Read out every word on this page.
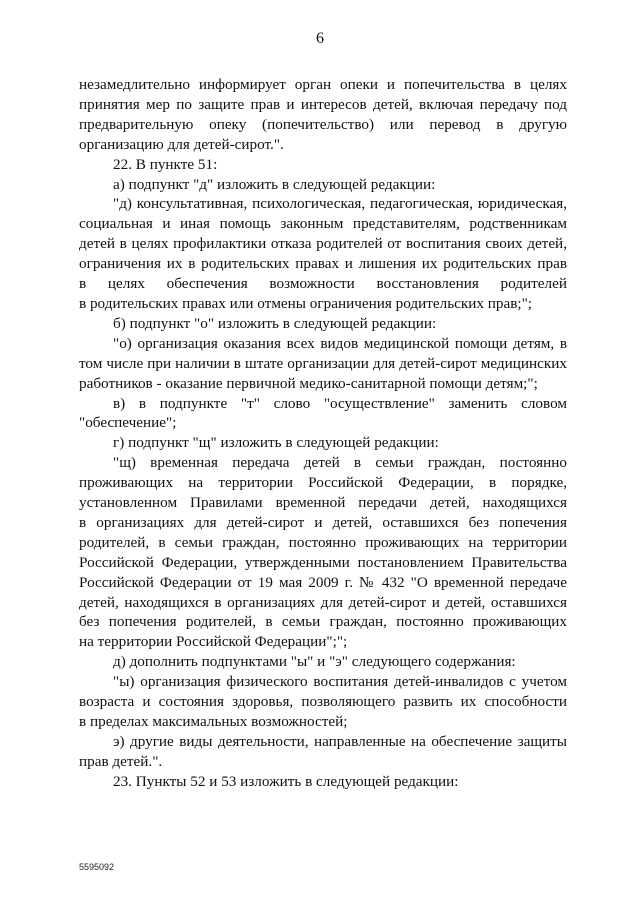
6

незамедлительно информирует орган опеки и попечительства в целях

принятия мер по защите прав и интересов детей, включая передачу под

предварительную опеку (попечительство) или перевод в другую

организацию для детей-сирот.".

22. В пункте 51:

а) подпункт "д" изложить в следующей редакции:

"д) консультативная, психологическая, педагогическая, юридическая,

социальная и иная помощь законным представителям, родственникам

детей в целях профилактики отказа родителей от воспитания своих детей,

ограничения их в родительских правах и лишения их родительских прав

в целях обеспечения возможности восстановления родителей

в родительских правах или отмены ограничения родительских прав;";

б) подпункт "о" изложить в следующей редакции:

"о) организация оказания всех видов медицинской помощи детям, в

том числе при наличии в штате организации для детей-сирот медицинских

работников - оказание первичной медико-санитарной помощи детям;";

в) в подпункте "т" слово "осуществление" заменить словом

"обеспечение";

г) подпункт "щ" изложить в следующей редакции:

"щ) временная передача детей в семьи граждан, постоянно

проживающих на территории Российской Федерации, в порядке,

установленном Правилами временной передачи детей, находящихся

в организациях для детей-сирот и детей, оставшихся без попечения

родителей, в семьи граждан, постоянно проживающих на территории

Российской Федерации, утвержденными постановлением Правительства

Российской Федерации от 19 мая 2009 г. № 432 "О временной передаче

детей, находящихся в организациях для детей-сирот и детей, оставшихся

без попечения родителей, в семьи граждан, постоянно проживающих

на территории Российской Федерации";";

д) дополнить подпунктами "ы" и "э" следующего содержания:

"ы) организация физического воспитания детей-инвалидов с учетом

возраста и состояния здоровья, позволяющего развить их способности

в пределах максимальных возможностей;

э) другие виды деятельности, направленные на обеспечение защиты

прав детей.".

23. Пункты 52 и 53 изложить в следующей редакции:

5595092
